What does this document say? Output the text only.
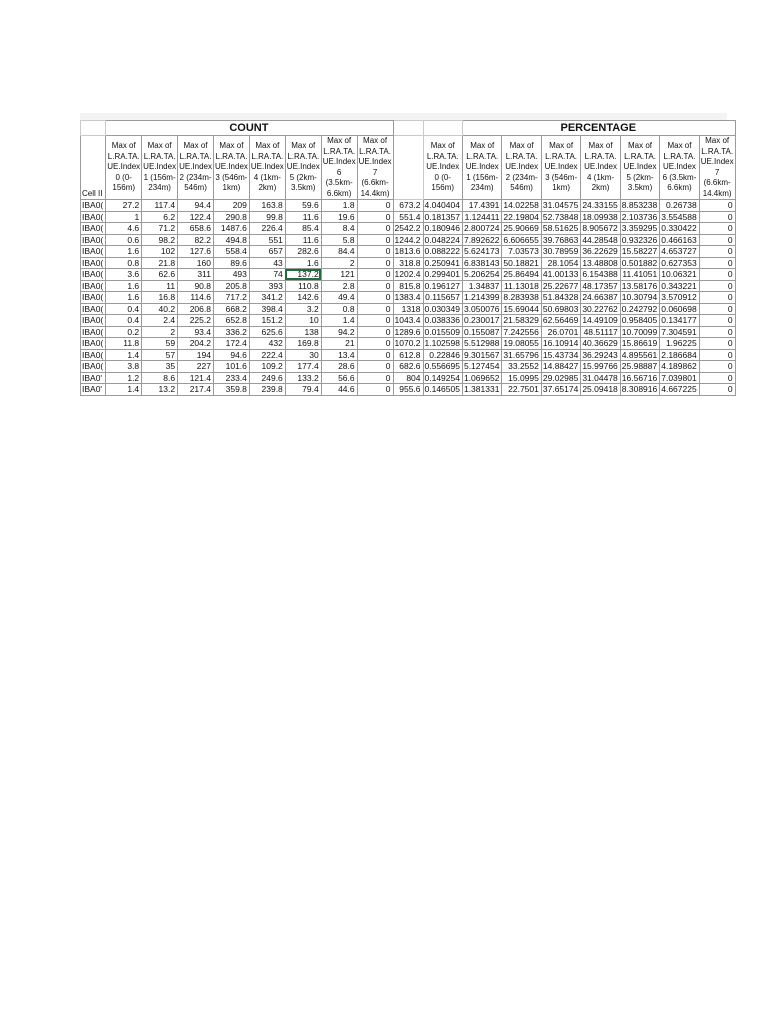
	COUNT										PERCENTAGE						
Cell II	Max of L.RA.TA. UE.Index 0 (0-156m)	Max of L.RA.TA. UE.Index 1 (156m-234m)	Max of L.RA.TA. UE.Index 2 (234m-546m)	Max of L.RA.TA. UE.Index 3 (546m-1km)	Max of L.RA.TA. UE.Index 4 (1km-2km)	Max of L.RA.TA. UE.Index 5 (2km-3.5km)	Max of L.RA.TA. UE.Index 6 (3.5km-6.6km)	Max of L.RA.TA. UE.Index 7 (6.6km-14.4km)		Max of L.RA.TA. UE.Index 0 (0-156m)	Max of L.RA.TA. UE.Index 1 (156m-234m)	Max of L.RA.TA. UE.Index 2 (234m-546m)	Max of L.RA.TA. UE.Index 3 (546m-1km)	Max of L.RA.TA. UE.Index 4 (1km-2km)	Max of L.RA.TA. UE.Index 5 (2km-3.5km)	Max of L.RA.TA. UE.Index 6 (3.5km-6.6km)	Max of L.RA.TA. UE.Index 7 (6.6km-14.4km)
IBA0(	27.2	117.4	94.4	209	163.8	59.6	1.8	0	673.2	4.040404	17.4391	14.02258	31.04575	24.33155	8.853238	0.26738	0
IBA0(	1	6.2	122.4	290.8	99.8	11.6	19.6	0	551.4	0.181357	1.124411	22.19804	52.73848	18.09938	2.103736	3.554588	0
IBA0(	4.6	71.2	658.6	1487.6	226.4	85.4	8.4	0	2542.2	0.180946	2.800724	25.90669	58.51625	8.905672	3.359295	0.330422	0
IBA0(	0.6	98.2	82.2	494.8	551	11.6	5.8	0	1244.2	0.048224	7.892622	6.606655	39.76863	44.28548	0.932326	0.466163	0
IBA0(	1.6	102	127.6	558.4	657	282.6	84.4	0	1813.6	0.088222	5.624173	7.03573	30.78959	36.22629	15.58227	4.653727	0
IBA0(	0.8	21.8	160	89.6	43	1.6	2	0	318.8	0.250941	6.838143	50.18821	28.1054	13.48808	0.501882	0.627353	0
IBA0(	3.6	62.6	311	493	74	137.2	121	0	1202.4	0.299401	5.206254	25.86494	41.00133	6.154388	11.41051	10.06321	0
IBA0(	1.6	11	90.8	205.8	393	110.8	2.8	0	815.8	0.196127	1.34837	11.13018	25.22677	48.17357	13.58176	0.343221	0
IBA0(	1.6	16.8	114.6	717.2	341.2	142.6	49.4	0	1383.4	0.115657	1.214399	8.283938	51.84328	24.66387	10.30794	3.570912	0
IBA0(	0.4	40.2	206.8	668.2	398.4	3.2	0.8	0	1318	0.030349	3.050076	15.69044	50.69803	30.22762	0.242792	0.060698	0
IBA0(	0.4	2.4	225.2	652.8	151.2	10	1.4	0	1043.4	0.038336	0.230017	21.58329	62.56469	14.49109	0.958405	0.134177	0
IBA0(	0.2	2	93.4	336.2	625.6	138	94.2	0	1289.6	0.015509	0.155087	7.242556	26.0701	48.51117	10.70099	7.304591	0
IBA0(	11.8	59	204.2	172.4	432	169.8	21	0	1070.2	1.102598	5.512988	19.08055	16.10914	40.36629	15.86619	1.96225	0
IBA0(	1.4	57	194	94.6	222.4	30	13.4	0	612.8	0.22846	9.301567	31.65796	15.43734	36.29243	4.895561	2.186684	0
IBA0(	3.8	35	227	101.6	109.2	177.4	28.6	0	682.6	0.556695	5.127454	33.2552	14.88427	15.99766	25.98887	4.189862	0
IBA0'	1.2	8.6	121.4	233.4	249.6	133.2	56.6	0	804	0.149254	1.069652	15.0995	29.02985	31.04478	16.56716	7.039801	0
IBA0'	1.4	13.2	217.4	359.8	239.8	79.4	44.6	0	955.6	0.146505	1.381331	22.7501	37.65174	25.09418	8.308916	4.667225	0
